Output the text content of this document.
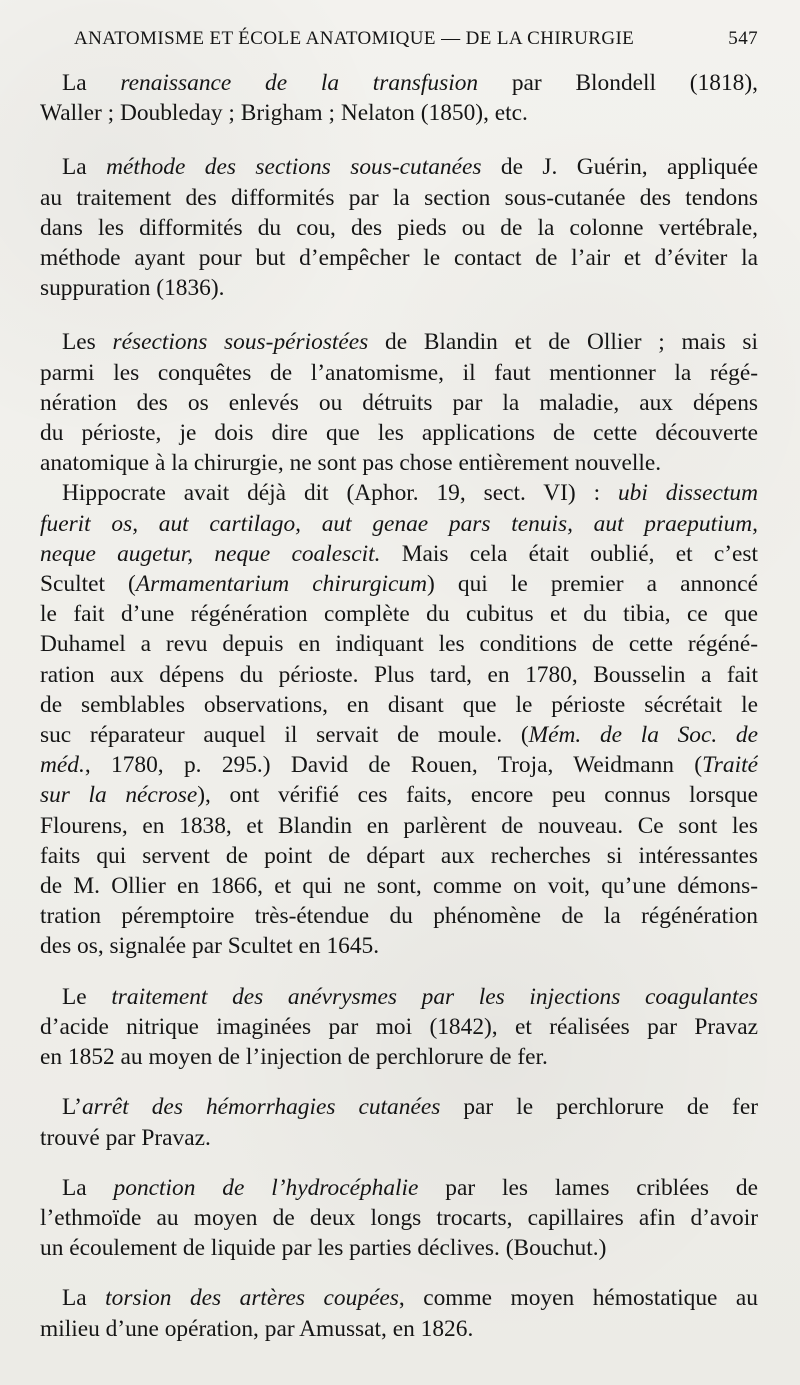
ANATOMISME ET ÉCOLE ANATOMIQUE — DE LA CHIRURGIE	547
La renaissance de la transfusion par Blondell (1818),
Waller ; Doubleday ; Brigham ; Nelaton (1850), etc.
La méthode des sections sous-cutanées de J. Guérin, appliquée
au traitement des difformités par la section sous-cutanée des tendons
dans les difformités du cou, des pieds ou de la colonne vertébrale,
méthode ayant pour but d’empêcher le contact de l’air et d’éviter la
suppuration (1836).
Les résections sous-périostées de Blandin et de Ollier ; mais si
parmi les conquêtes de l’anatomisme, il faut mentionner la régé-
nération des os enlevés ou détruits par la maladie, aux dépens
du périoste, je dois dire que les applications de cette découverte
anatomique à la chirurgie, ne sont pas chose entièrement nouvelle.
Hippocrate avait déjà dit (Aphor. 19, sect. VI) : ubi dissectum
fuerit os, aut cartilago, aut genae pars tenuis, aut praeputium,
neque augetur, neque coalescit. Mais cela était oublié, et c’est
Scultet (Armamentarium chirurgicum) qui le premier a annoncé
le fait d’une régénération complète du cubitus et du tibia, ce que
Duhamel a revu depuis en indiquant les conditions de cette régéné-
ration aux dépens du périoste. Plus tard, en 1780, Bousselin a fait
de semblables observations, en disant que le périoste sécrétait le
suc réparateur auquel il servait de moule. (Mém. de la Soc. de
méd., 1780, p. 295.) David de Rouen, Troja, Weidmann (Traité
sur la nécrose), ont vérifié ces faits, encore peu connus lorsque
Flourens, en 1838, et Blandin en parlèrent de nouveau. Ce sont les
faits qui servent de point de départ aux recherches si intéressantes
de M. Ollier en 1866, et qui ne sont, comme on voit, qu’une démons-
tration péremptoire très-étendue du phénomène de la régénération
des os, signalée par Scultet en 1645.
Le traitement des anévrysmes par les injections coagulantes
d’acide nitrique imaginées par moi (1842), et réalisées par Pravaz
en 1852 au moyen de l’injection de perchlorure de fer.
L’arrêt des hémorrhagies cutanées par le perchlorure de fer
trouvé par Pravaz.
La ponction de l’hydrocéphalie par les lames criblées de
l’ethmoïde au moyen de deux longs trocarts, capillaires afin d’avoir
un écoulement de liquide par les parties déclives. (Bouchut.)
La torsion des artères coupées, comme moyen hémostatique au
milieu d’une opération, par Amussat, en 1826.
